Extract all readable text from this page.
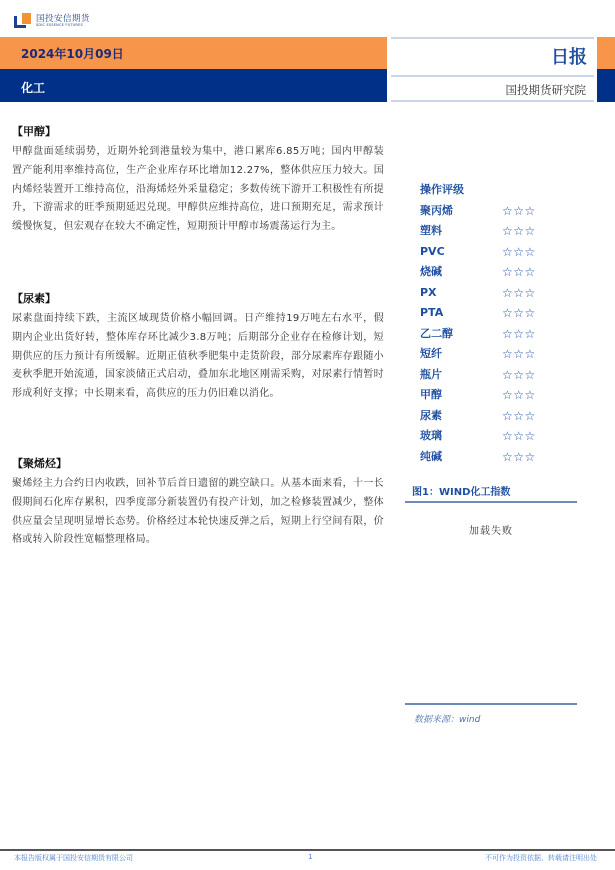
国投安信期货
SDIC ESSENCE FUTURES
2024年10月09日
化工
日报
国投期货研究院
【甲醇】
甲醇盘面延续弱势，近期外轮到港量较为集中，港口累库6.85万吨；国内甲醇装置产能利用率维持高位，生产企业库存环比增加12.27%，整体供应压力较大。国内烯烃装置开工维持高位，沿海烯烃外采量稳定；多数传统下游开工积极性有所提升，下游需求的旺季预期延迟兑现。甲醇供应维持高位，进口预期充足，需求预计缓慢恢复，但宏观存在较大不确定性，短期预计甲醇市场震荡运行为主。
【尿素】
尿素盘面持续下跌，主流区域现货价格小幅回调。日产维持19万吨左右水平，假期内企业出货好转，整体库存环比减少3.8万吨；后期部分企业存在检修计划，短期供应的压力预计有所缓解。近期正值秋季肥集中走货阶段，部分尿素库存跟随小麦秋季肥开始流通，国家淡储正式启动，叠加东北地区刚需采购，对尿素行情暂时形成利好支撑；中长期来看，高供应的压力仍旧难以消化。
【聚烯烃】
聚烯烃主力合约日内收跌，回补节后首日遗留的跳空缺口。从基本面来看，十一长假期间石化库存累积，四季度部分新装置仍有投产计划，加之检修装置减少，整体供应量会呈现明显增长态势。价格经过本轮快速反弹之后，短期上行空间有限，价格或转入阶段性宽幅整理格局。
操作评级
聚丙烯	☆☆☆
塑料	☆☆☆
PVC	☆☆☆
烧碱	☆☆☆
PX	☆☆☆
PTA	☆☆☆
乙二醇	☆☆☆
短纤	☆☆☆
瓶片	☆☆☆
甲醇	☆☆☆
尿素	☆☆☆
玻璃	☆☆☆
纯碱	☆☆☆
图1：WIND化工指数
加载失败
数据来源：wind
本报告版权属于国投安信期货有限公司	1	不可作为投资依据，转载请注明出处
